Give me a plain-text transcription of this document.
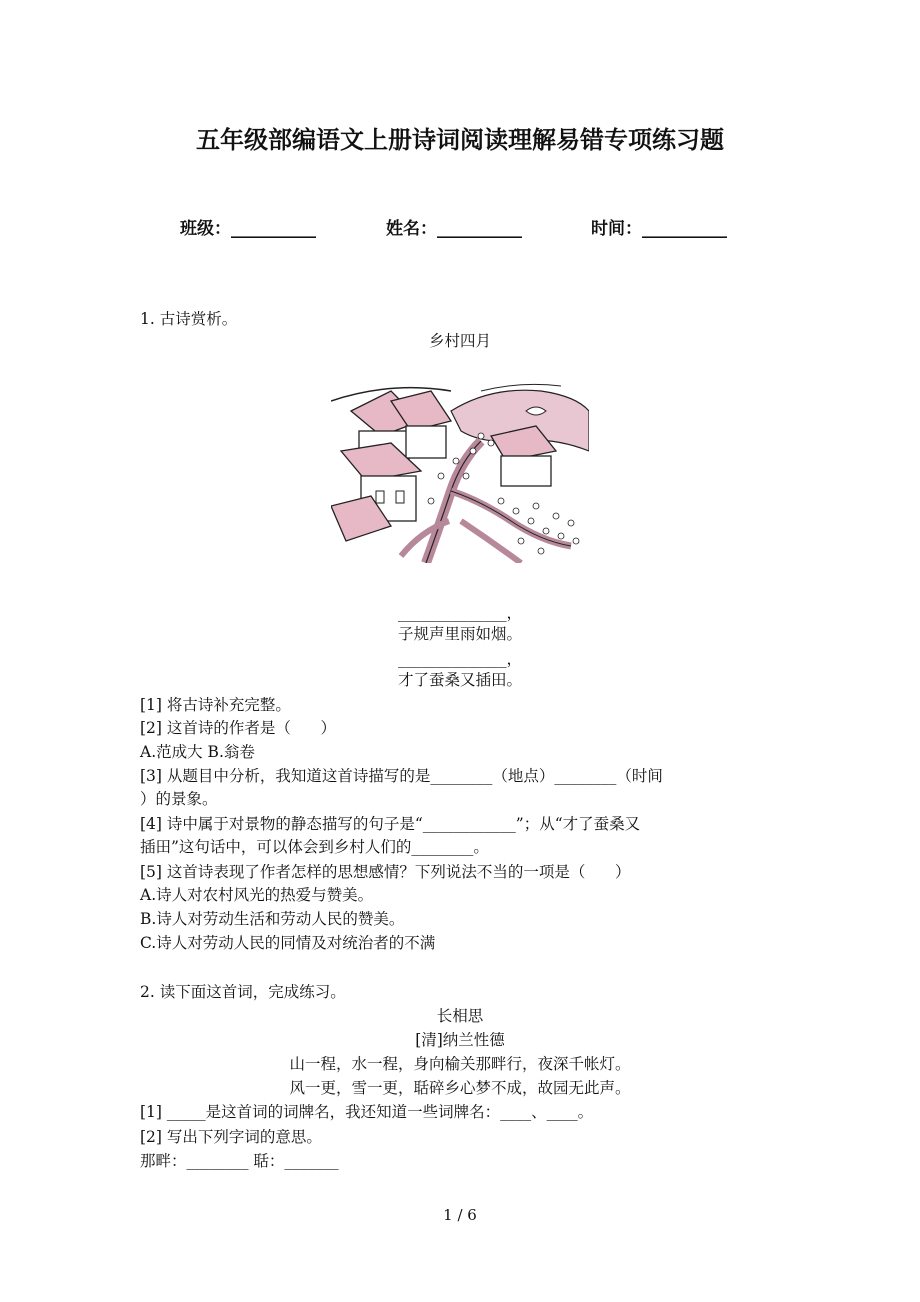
五年级部编语文上册诗词阅读理解易错专项练习题
班级：__________	姓名：__________	时间：__________
1. 古诗赏析。
乡村四月
______________，
子规声里雨如烟。
______________，
才了蚕桑又插田。
[1] 将古诗补充完整。
[2] 这首诗的作者是（      ）
A.范成大 B.翁卷
[3] 从题目中分析，我知道这首诗描写的是________（地点）________（时间
）的景象。
[4] 诗中属于对景物的静态描写的句子是“____________”；从“才了蚕桑又
插田”这句话中，可以体会到乡村人们的________。
[5] 这首诗表现了作者怎样的思想感情？下列说法不当的一项是（      ）
A.诗人对农村风光的热爱与赞美。
B.诗人对劳动生活和劳动人民的赞美。
C.诗人对劳动人民的同情及对统治者的不满
2. 读下面这首词，完成练习。
长相思
[清]纳兰性德
山一程，水一程，身向榆关那畔行，夜深千帐灯。
风一更，雪一更，聒碎乡心梦不成，故园无此声。
[1] _____是这首词的词牌名，我还知道一些词牌名：____、____。
[2] 写出下列字词的意思。
那畔：________ 聒：_______
1 / 6
